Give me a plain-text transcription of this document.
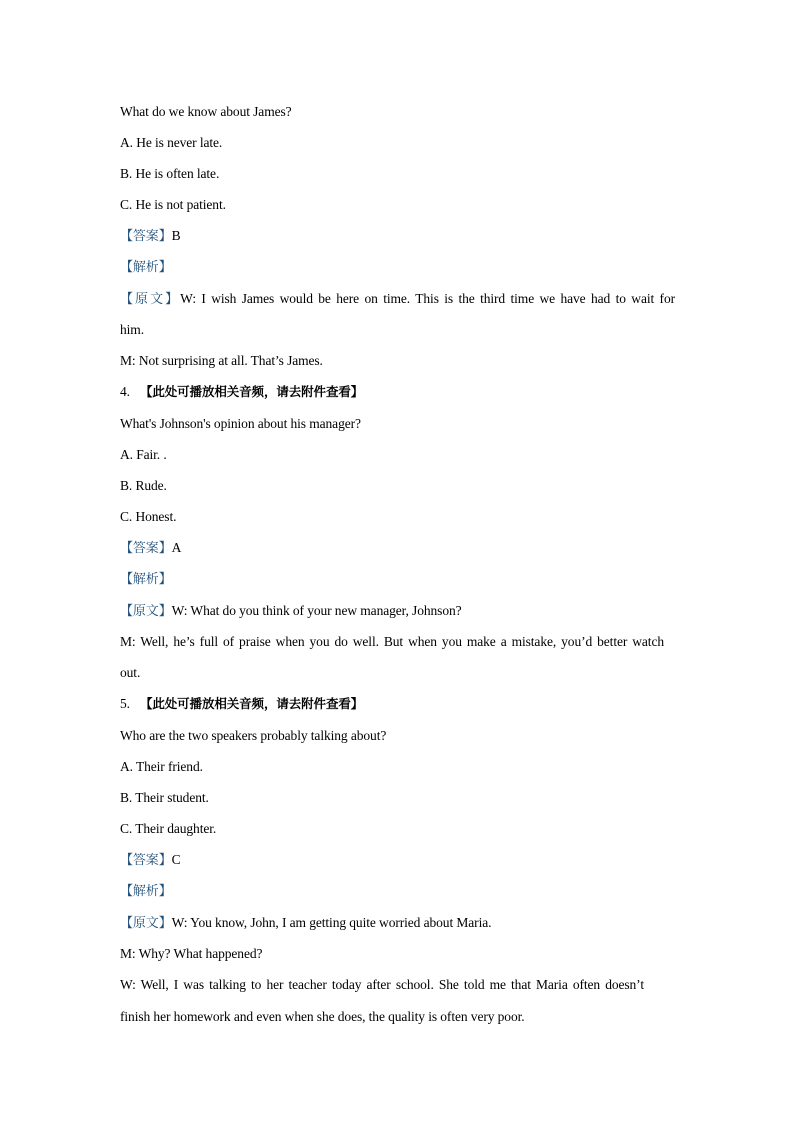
What do we know about James?
A. He is never late.
B. He is often late.
C. He is not patient.
【答案】B
【解析】
【原文】W: I wish James would be here on time. This is the third time we have had to wait for
him.
M: Not surprising at all. That’s James.
4. 【此处可播放相关音频，请去附件查看】
What's Johnson's opinion about his manager?
A. Fair. .
B. Rude.
C. Honest.
【答案】A
【解析】
【原文】W: What do you think of your new manager, Johnson?
M: Well, he’s full of praise when you do well. But when you make a mistake, you’d better watch
out.
5. 【此处可播放相关音频，请去附件查看】
Who are the two speakers probably talking about?
A. Their friend.
B. Their student.
C. Their daughter.
【答案】C
【解析】
【原文】W: You know, John, I am getting quite worried about Maria.
M: Why? What happened?
W: Well, I was talking to her teacher today after school. She told me that Maria often doesn’t
finish her homework and even when she does, the quality is often very poor.
